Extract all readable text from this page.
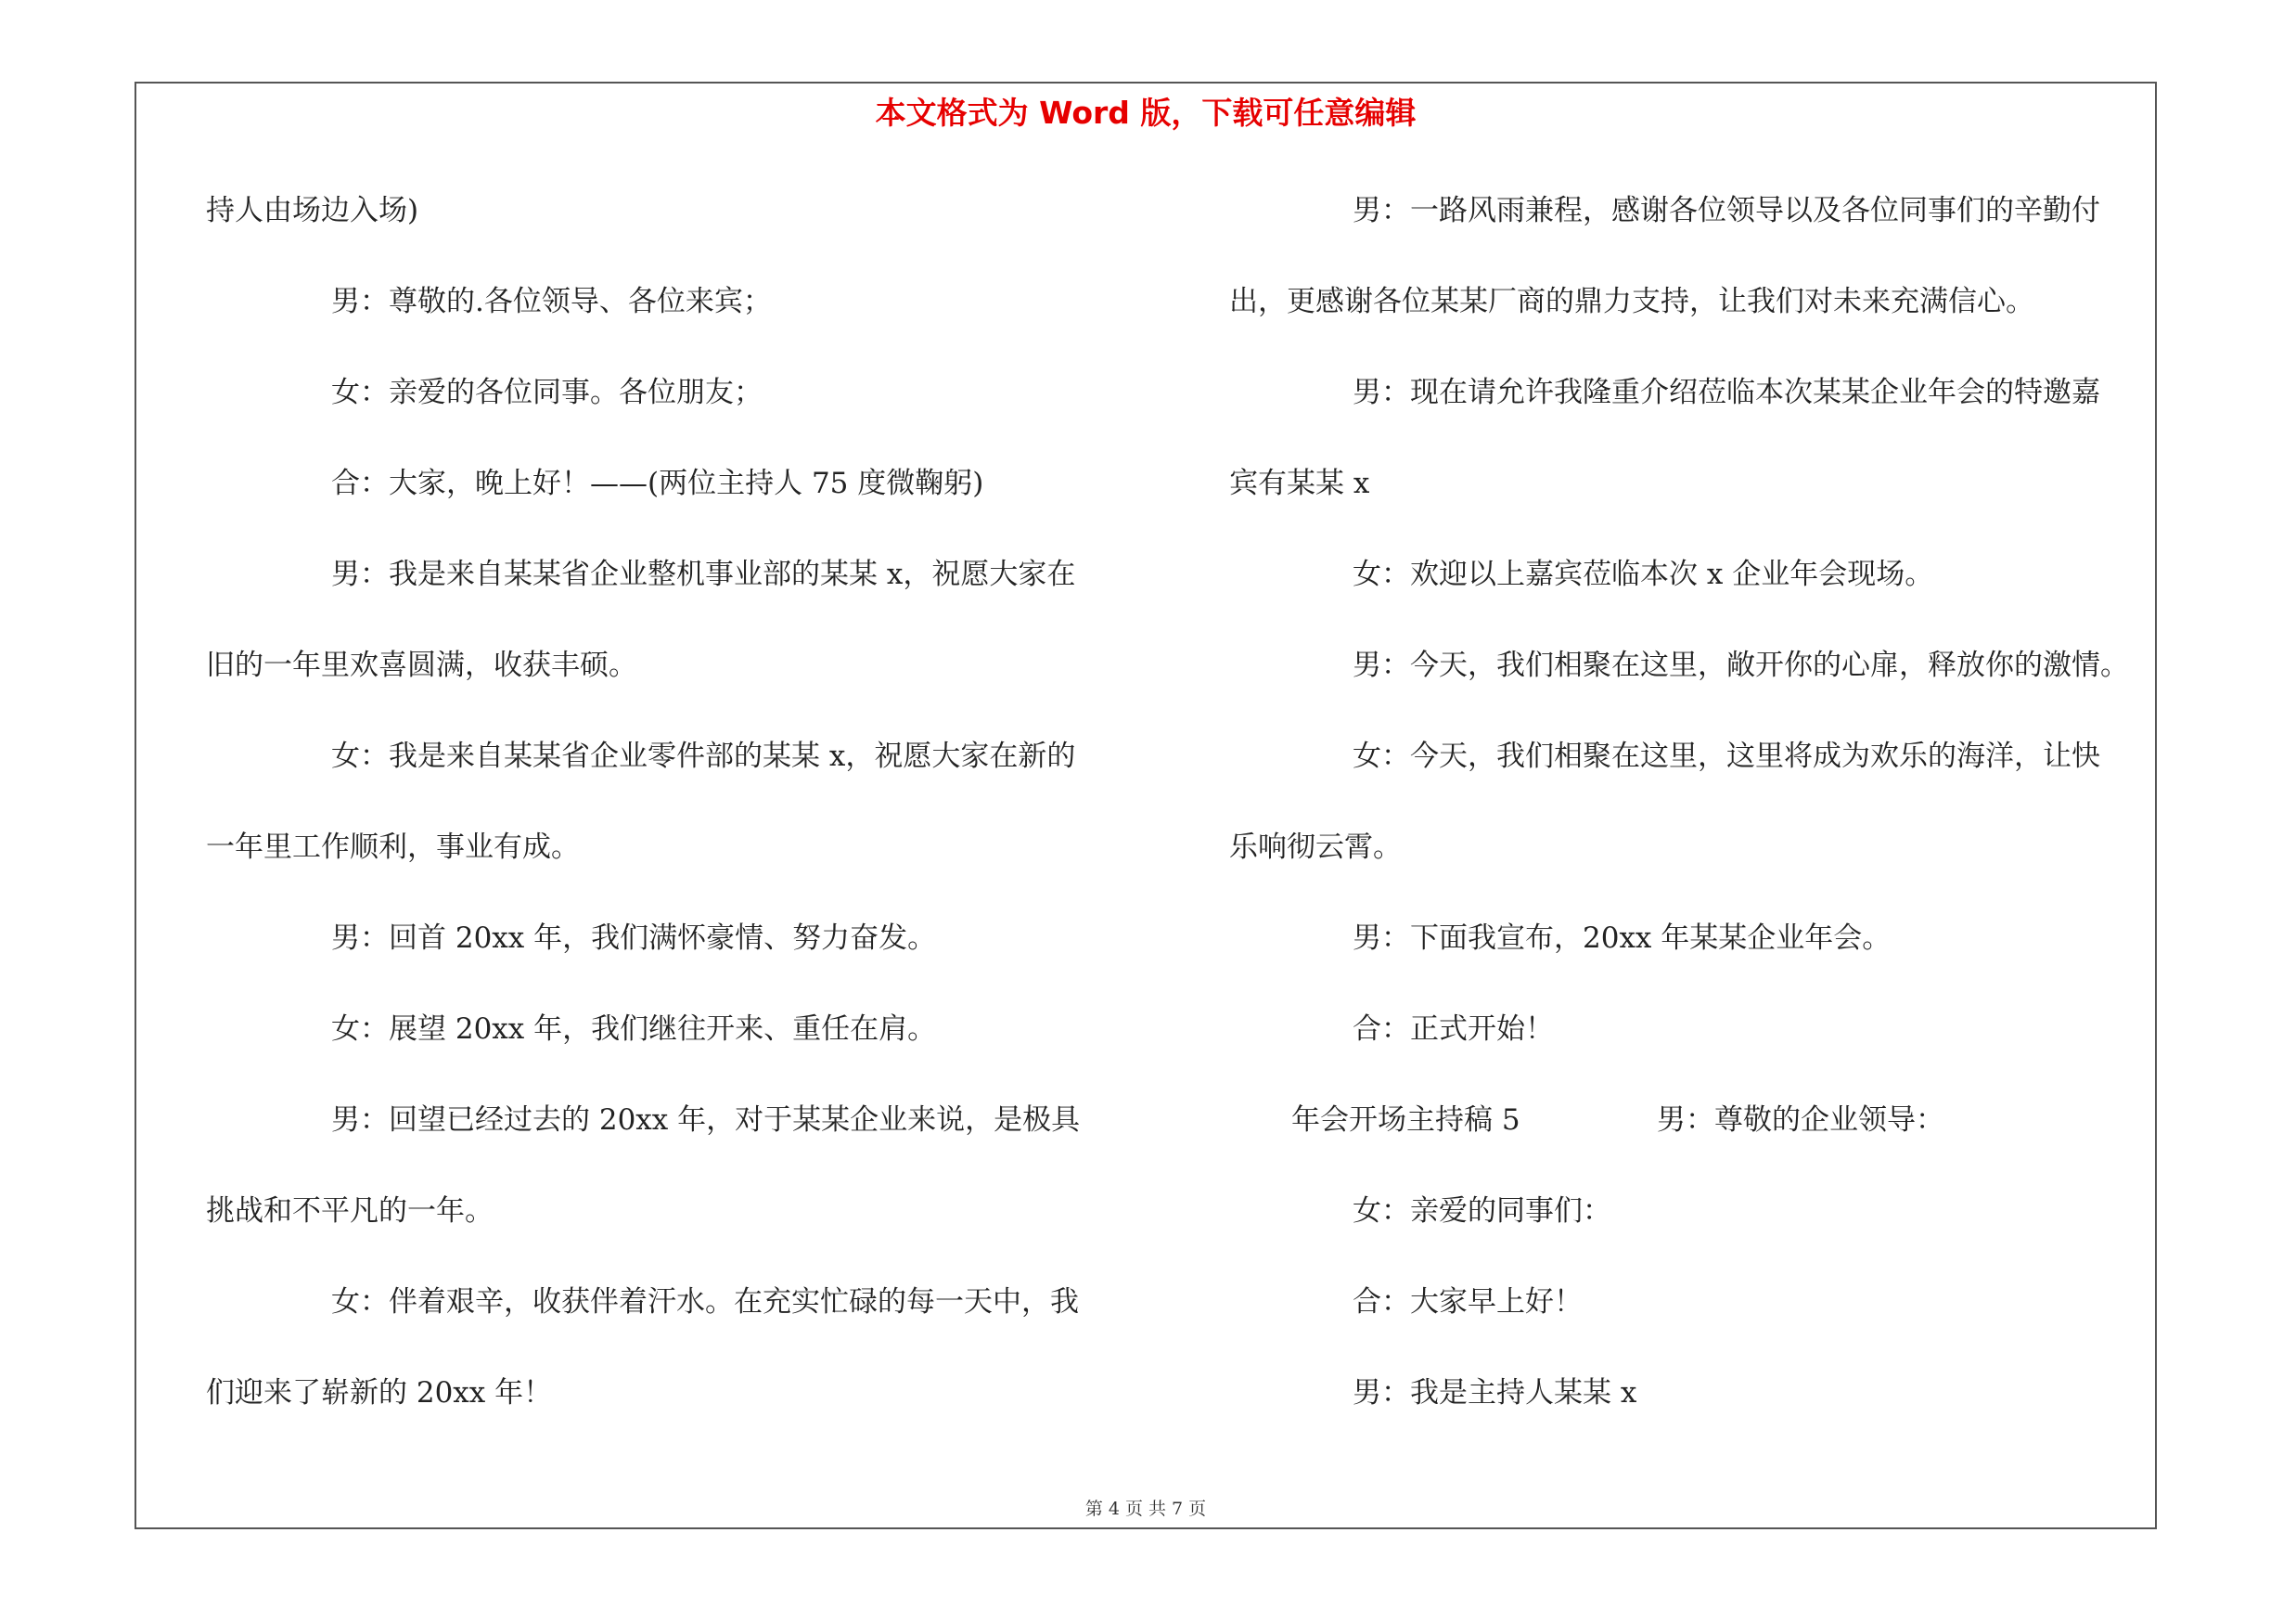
本文格式为 Word 版，下载可任意编辑
持人由场边入场)
男：尊敬的.各位领导、各位来宾；
女：亲爱的各位同事。各位朋友；
合：大家，晚上好！——(两位主持人 75 度微鞠躬)
男：我是来自某某省企业整机事业部的某某 x，祝愿大家在
旧的一年里欢喜圆满，收获丰硕。
女：我是来自某某省企业零件部的某某 x，祝愿大家在新的
一年里工作顺利，事业有成。
男：回首 20xx 年，我们满怀豪情、努力奋发。
女：展望 20xx 年，我们继往开来、重任在肩。
男：回望已经过去的 20xx 年，对于某某企业来说，是极具
挑战和不平凡的一年。
女：伴着艰辛，收获伴着汗水。在充实忙碌的每一天中，我
们迎来了崭新的 20xx 年！
男：一路风雨兼程，感谢各位领导以及各位同事们的辛勤付
出，更感谢各位某某厂商的鼎力支持，让我们对未来充满信心。
男：现在请允许我隆重介绍莅临本次某某企业年会的特邀嘉
宾有某某 x
女：欢迎以上嘉宾莅临本次 x 企业年会现场。
男：今天，我们相聚在这里，敞开你的心扉，释放你的激情。
女：今天，我们相聚在这里，这里将成为欢乐的海洋，让快
乐响彻云霄。
男：下面我宣布，20xx 年某某企业年会。
合：正式开始！
年会开场主持稿 5	男：尊敬的企业领导：
女：亲爱的同事们：
合：大家早上好！
男：我是主持人某某 x
第 4 页 共 7 页
